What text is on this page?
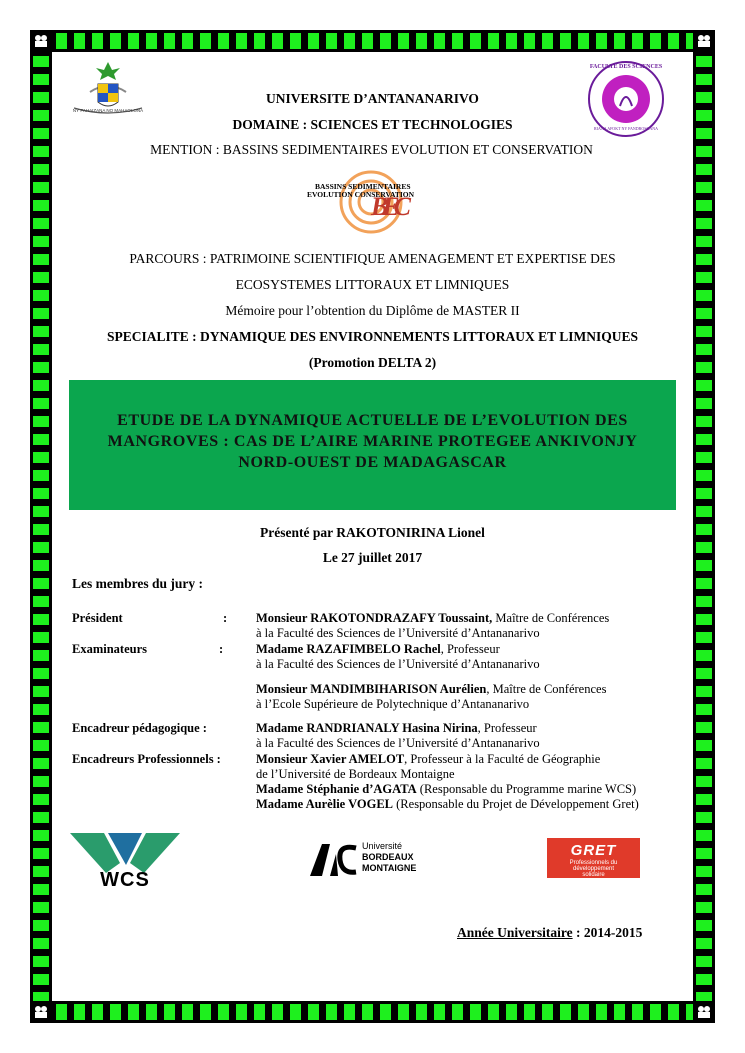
NY FAHAIZANA NO MAHAOLONA
FACULTE DES SCIENCES
RIANA AFOKT NY FANDROSOANA
UNIVERSITE D’ANTANANARIVO
DOMAINE : SCIENCES ET TECHNOLOGIES
MENTION : BASSINS SEDIMENTAIRES EVOLUTION ET CONSERVATION
BASSINS SEDIMENTAIRES
EVOLUTION CONSERVATION
BEC
PARCOURS : PATRIMOINE SCIENTIFIQUE AMENAGEMENT ET EXPERTISE DES
ECOSYSTEMES LITTORAUX ET LIMNIQUES
Mémoire pour l’obtention du Diplôme de MASTER II
SPECIALITE : DYNAMIQUE DES ENVIRONNEMENTS LITTORAUX ET LIMNIQUES
(Promotion DELTA 2)
ETUDE DE LA DYNAMIQUE ACTUELLE DE L’EVOLUTION DES
MANGROVES : CAS DE L’AIRE MARINE PROTEGEE ANKIVONJY
NORD-OUEST DE MADAGASCAR
Présenté par RAKOTONIRINA Lionel
Le 27 juillet 2017
Les membres du jury :
Président	: Monsieur RAKOTONDRAZAFY Toussaint, Maître de Conférences
à la Faculté des Sciences de l’Université d’Antananarivo
Examinateurs	:	Madame RAZAFIMBELO Rachel, Professeur
à la Faculté des Sciences de l’Université d’Antananarivo
Monsieur MANDIMBIHARISON Aurélien, Maître de Conférences
à l’Ecole Supérieure de Polytechnique d’Antananarivo
Encadreur pédagogique :	Madame RANDRIANALY Hasina Nirina, Professeur
à la Faculté des Sciences de l’Université d’Antananarivo
Encadreurs Professionnels :	Monsieur Xavier AMELOT, Professeur à la Faculté de Géographie
de l’Université de Bordeaux Montaigne
Madame Stéphanie d’AGATA (Responsable du Programme marine WCS)
Madame Aurèlie VOGEL (Responsable du Projet de Développement Gret)
WCS
Université
BORDEAUX
MONTAIGNE
GRET
Professionnels du
développement
solidaire
Année Universitaire : 2014-2015
